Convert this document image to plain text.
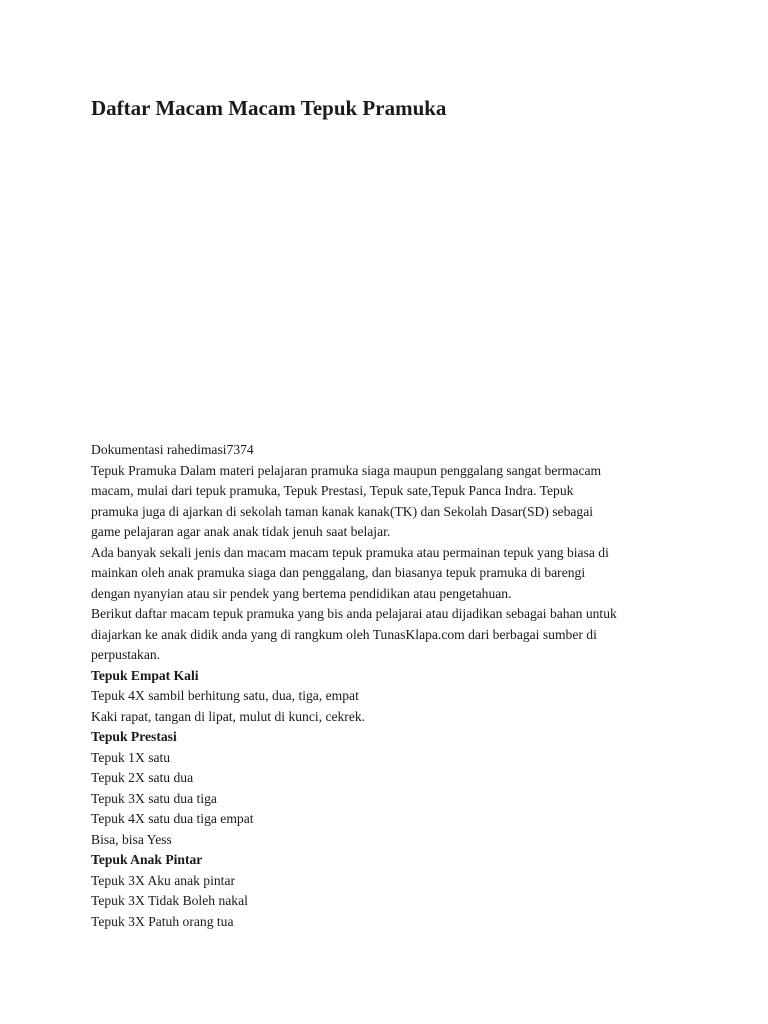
Daftar Macam Macam Tepuk Pramuka

Dokumentasi rahedimasi7374

Tepuk Pramuka Dalam materi pelajaran pramuka siaga maupun penggalang sangat bermacam

macam, mulai dari tepuk pramuka, Tepuk Prestasi, Tepuk sate,Tepuk Panca Indra. Tepuk

pramuka juga di ajarkan di sekolah taman kanak kanak(TK) dan Sekolah Dasar(SD) sebagai

game pelajaran agar anak anak tidak jenuh saat belajar.

Ada banyak sekali jenis dan macam macam tepuk pramuka atau permainan tepuk yang biasa di

mainkan oleh anak pramuka siaga dan penggalang, dan biasanya tepuk pramuka di barengi

dengan nyanyian atau sir pendek yang bertema pendidikan atau pengetahuan.

Berikut daftar macam tepuk pramuka yang bis anda pelajarai atau dijadikan sebagai bahan untuk

diajarkan ke anak didik anda yang di rangkum oleh TunasKlapa.com dari berbagai sumber di

perpustakan.

Tepuk Empat Kali

Tepuk 4X sambil berhitung satu, dua, tiga, empat

Kaki rapat, tangan di lipat, mulut di kunci, cekrek.

Tepuk Prestasi

Tepuk 1X satu

Tepuk 2X satu dua

Tepuk 3X satu dua tiga

Tepuk 4X satu dua tiga empat

Bisa, bisa Yess

Tepuk Anak Pintar

Tepuk 3X Aku anak pintar

Tepuk 3X Tidak Boleh nakal

Tepuk 3X Patuh orang tua
